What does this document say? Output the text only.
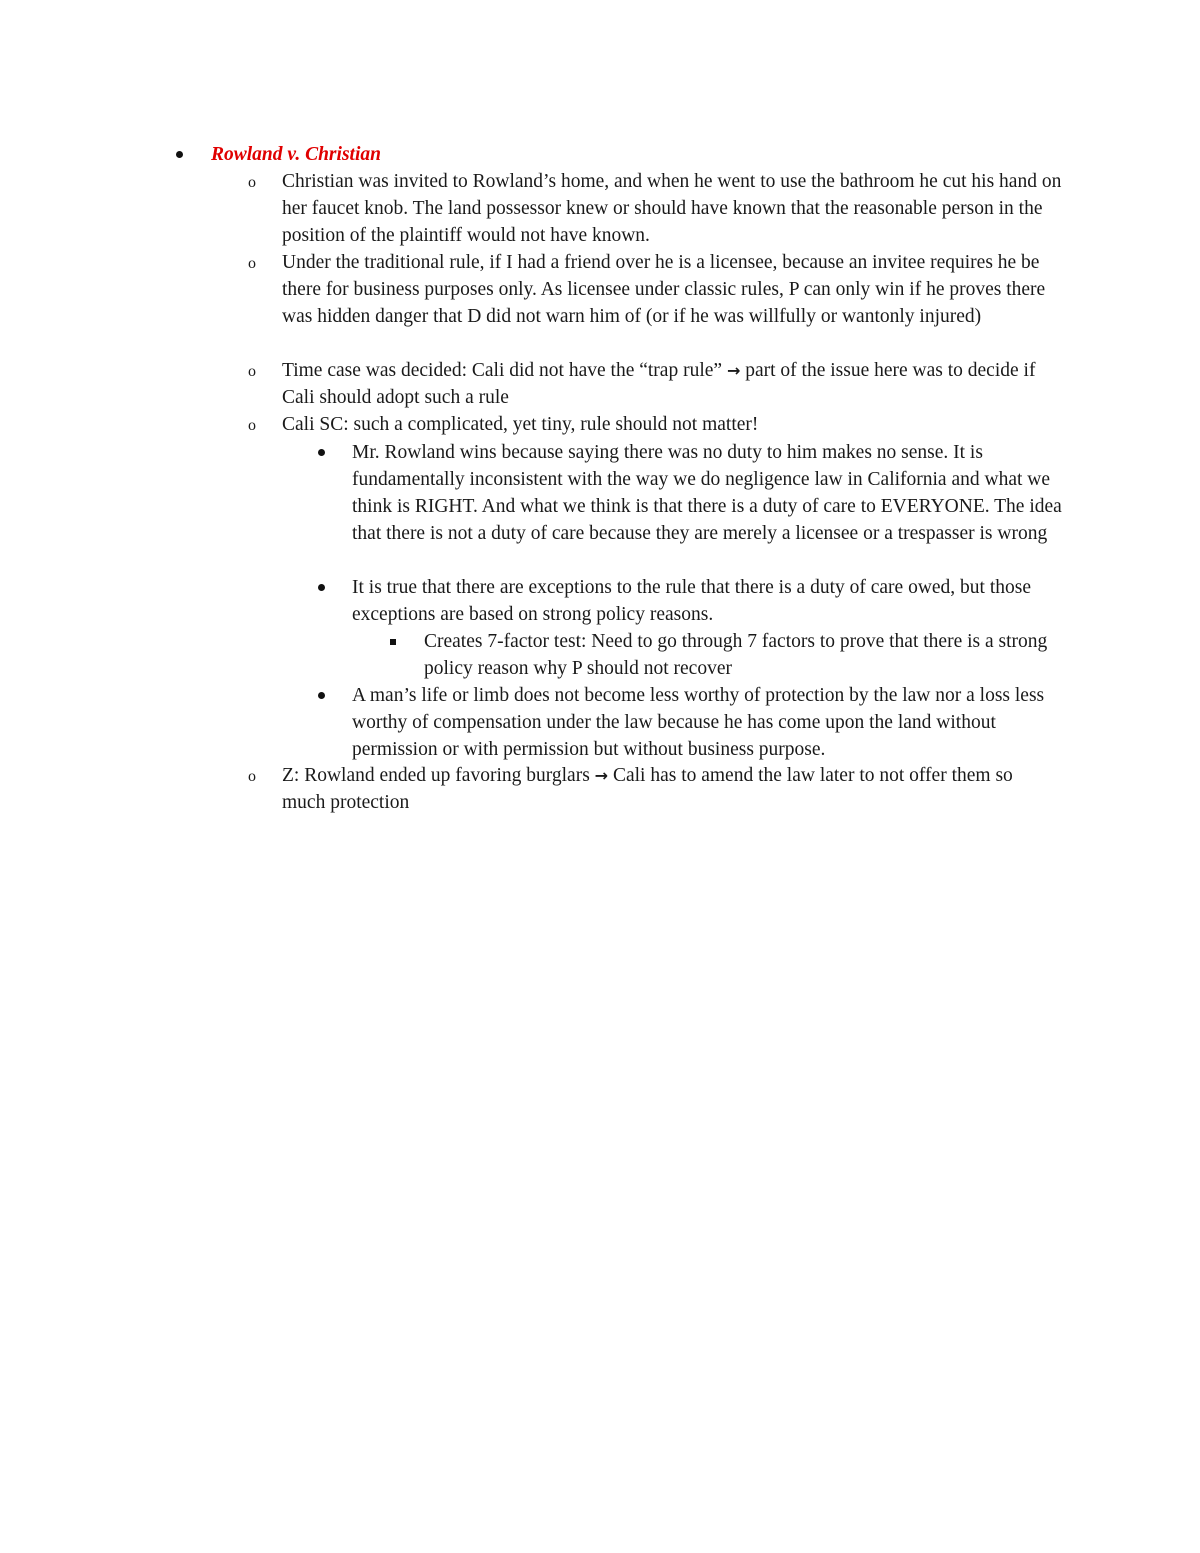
Rowland v. Christian
o Christian was invited to Rowland’s home, and when he went to use the bathroom he cut his hand on her faucet knob. The land possessor knew or should have known that the reasonable person in the position of the plaintiff would not have known.
o Under the traditional rule, if I had a friend over he is a licensee, because an invitee requires he be there for business purposes only. As licensee under classic rules, P can only win if he proves there was hidden danger that D did not warn him of (or if he was willfully or wantonly injured)
o Time case was decided: Cali did not have the “trap rule” → part of the issue here was to decide if Cali should adopt such a rule
o Cali SC: such a complicated, yet tiny, rule should not matter!
Mr. Rowland wins because saying there was no duty to him makes no sense. It is fundamentally inconsistent with the way we do negligence law in California and what we think is RIGHT. And what we think is that there is a duty of care to EVERYONE. The idea that there is not a duty of care because they are merely a licensee or a trespasser is wrong
It is true that there are exceptions to the rule that there is a duty of care owed, but those exceptions are based on strong policy reasons.
Creates 7-factor test: Need to go through 7 factors to prove that there is a strong policy reason why P should not recover
A man’s life or limb does not become less worthy of protection by the law nor a loss less worthy of compensation under the law because he has come upon the land without permission or with permission but without business purpose.
o Z: Rowland ended up favoring burglars → Cali has to amend the law later to not offer them so much protection
